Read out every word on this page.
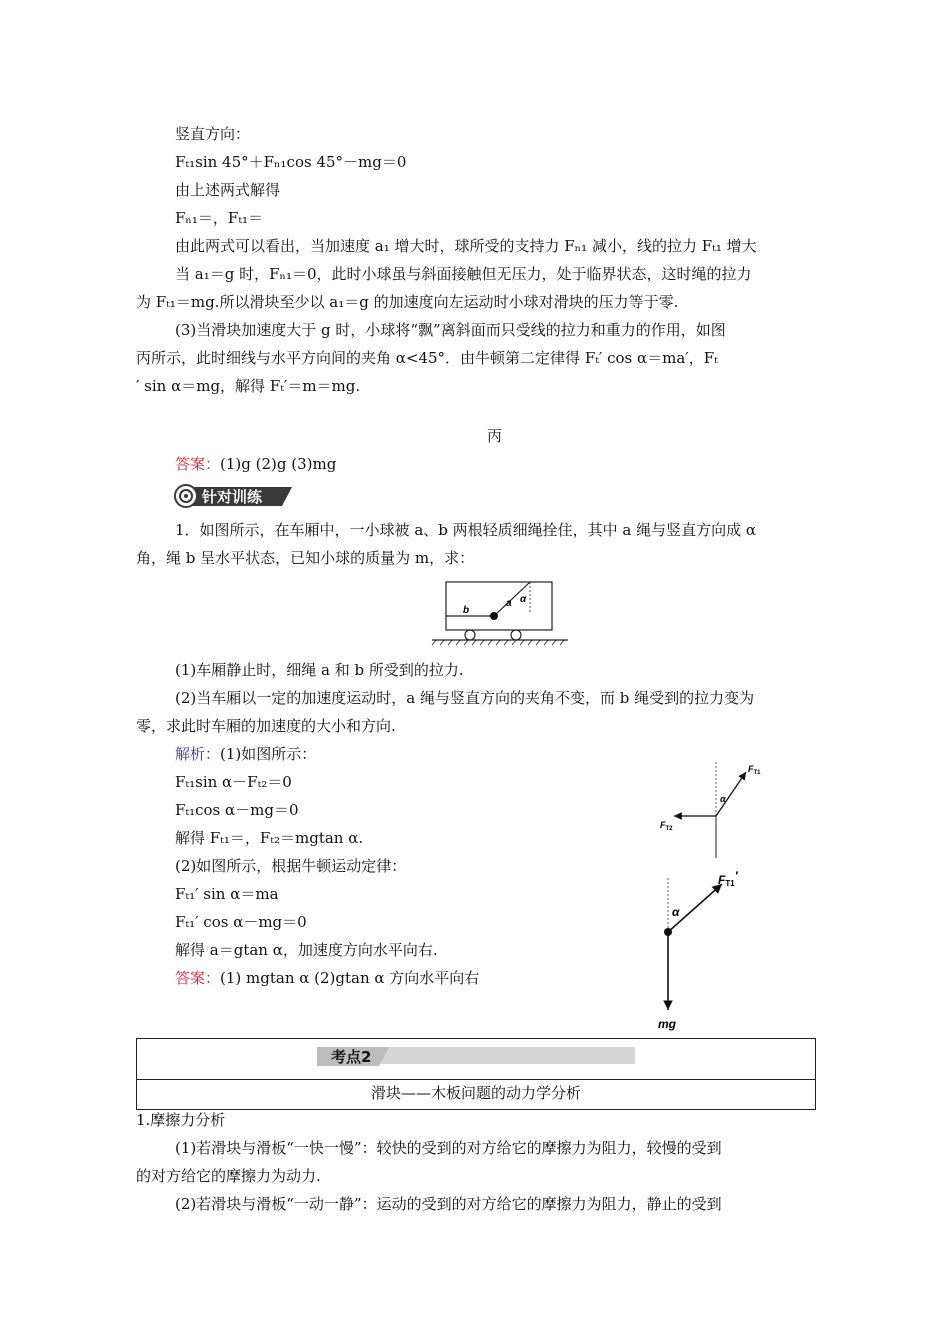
竖直方向：
Fₜ₁sin 45°＋Fₙ₁cos 45°－mg＝0
由上述两式解得
Fₙ₁＝，Fₜ₁＝
由此两式可以看出，当加速度 a₁ 增大时，球所受的支持力 Fₙ₁ 减小，线的拉力 Fₜ₁ 增大
当 a₁＝g 时，Fₙ₁＝0，此时小球虽与斜面接触但无压力，处于临界状态，这时绳的拉力
为 Fₜ₁＝mg.所以滑块至少以 a₁＝g 的加速度向左运动时小球对滑块的压力等于零.
(3)当滑块加速度大于 g 时，小球将“飘”离斜面而只受线的拉力和重力的作用，如图
丙所示，此时细线与水平方向间的夹角 α<45°．由牛顿第二定律得 Fₜ′ cos α＝ma′，Fₜ
′ sin α＝mg，解得 Fₜ′＝m＝mg.
丙
答案：(1)g (2)g (3)mg
针对训练
1．如图所示，在车厢中，一小球被 a、b 两根轻质细绳拴住，其中 a 绳与竖直方向成 α
角，绳 b 呈水平状态，已知小球的质量为 m，求：
b
a α
(1)车厢静止时，细绳 a 和 b 所受到的拉力.
(2)当车厢以一定的加速度运动时，a 绳与竖直方向的夹角不变，而 b 绳受到的拉力变为
零，求此时车厢的加速度的大小和方向.
解析：(1)如图所示：
Fₜ₁sin α－Fₜ₂＝0
Fₜ₁cos α－mg＝0
解得 Fₜ₁＝，Fₜ₂＝mgtan α.
(2)如图所示，根据牛顿运动定律：
Fₜ₁′ sin α＝ma
Fₜ₁′ cos α－mg＝0
解得 a＝gtan α，加速度方向水平向右.
答案：(1) mgtan α (2)gtan α 方向水平向右
$F_{T1}$
$F_{T2}$
α
FT1′
α
mg
考点2
滑块——木板问题的动力学分析
1.摩擦力分析
(1)若滑块与滑板“一快一慢”：较快的受到的对方给它的摩擦力为阻力，较慢的受到
的对方给它的摩擦力为动力.
(2)若滑块与滑板“一动一静”：运动的受到的对方给它的摩擦力为阻力，静止的受到
